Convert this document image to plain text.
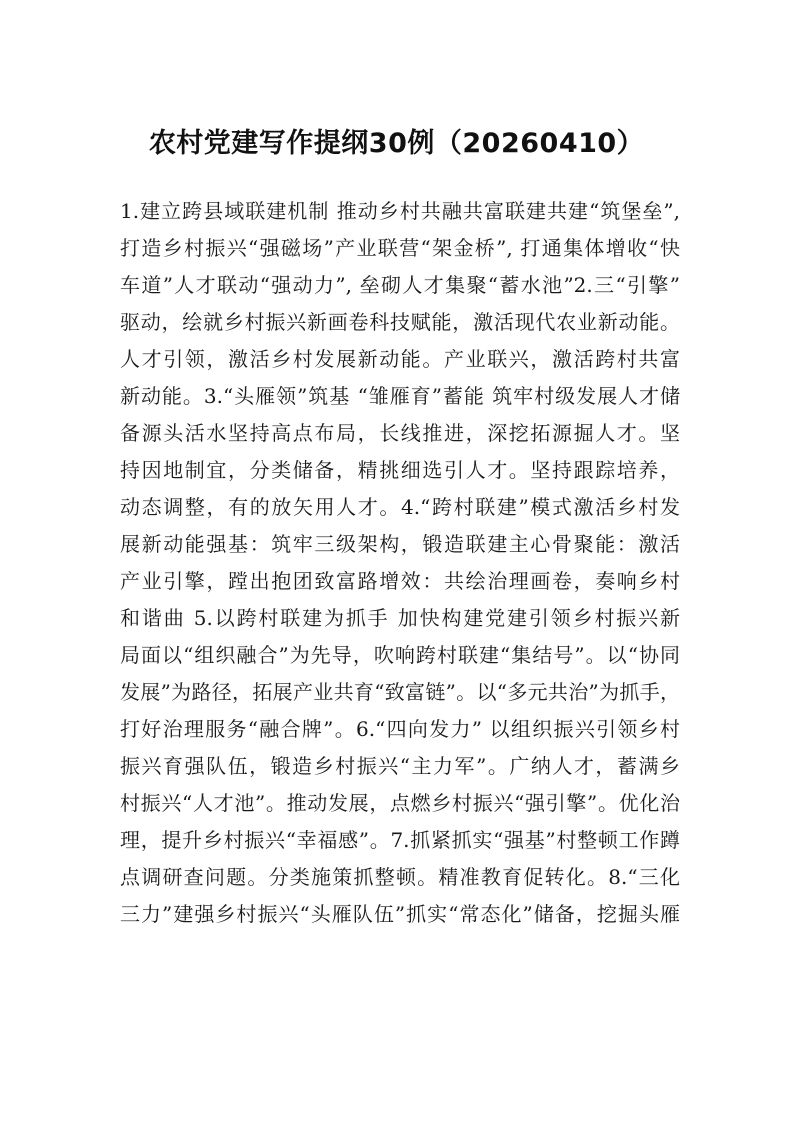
农村党建写作提纲30例（20260410）
1.建立跨县域联建机制 推动乡村共融共富联建共建“筑堡垒”,
打造乡村振兴“强磁场”产业联营“架金桥”, 打通集体增收“快
车道”人才联动“强动力”, 垒砌人才集聚“蓄水池”2.三“引擎”
驱动，绘就乡村振兴新画卷科技赋能，激活现代农业新动能。
人才引领，激活乡村发展新动能。产业联兴，激活跨村共富
新动能。3.“头雁领”筑基 “雏雁育”蓄能 筑牢村级发展人才储
备源头活水坚持高点布局，长线推进，深挖拓源掘人才。坚
持因地制宜，分类储备，精挑细选引人才。坚持跟踪培养，
动态调整，有的放矢用人才。4.“跨村联建”模式激活乡村发
展新动能强基：筑牢三级架构，锻造联建主心骨聚能：激活
产业引擎，蹚出抱团致富路增效：共绘治理画卷，奏响乡村
和谐曲 5.以跨村联建为抓手 加快构建党建引领乡村振兴新
局面以“组织融合”为先导，吹响跨村联建“集结号”。以“协同
发展”为路径，拓展产业共育“致富链”。以“多元共治”为抓手，
打好治理服务“融合牌”。6.“四向发力” 以组织振兴引领乡村
振兴育强队伍，锻造乡村振兴“主力军”。广纳人才，蓄满乡
村振兴“人才池”。推动发展，点燃乡村振兴“强引擎”。优化治
理，提升乡村振兴“幸福感”。7.抓紧抓实“强基”村整顿工作蹲
点调研查问题。分类施策抓整顿。精准教育促转化。8.“三化
三力”建强乡村振兴“头雁队伍”抓实“常态化”储备，挖掘头雁
